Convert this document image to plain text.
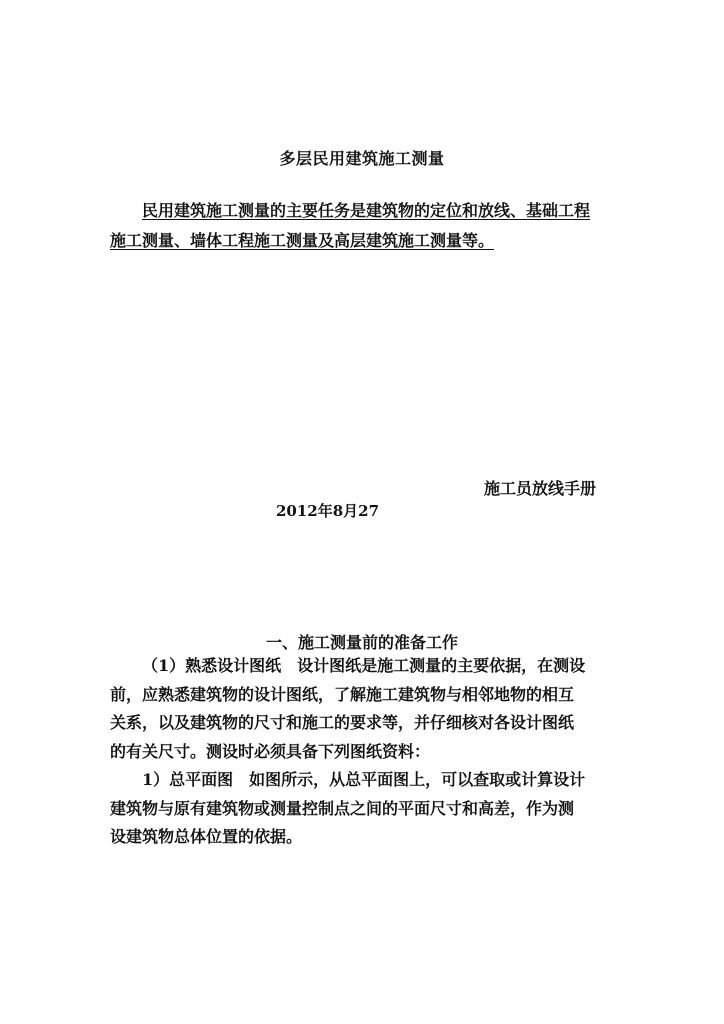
多层民用建筑施工测量
民用建筑施工测量的主要任务是建筑物的定位和放线、基础工程
施工测量、墙体工程施工测量及高层建筑施工测量等。
施工员放线手册
2012年8月27
一、施工测量前的准备工作
（1）熟悉设计图纸　设计图纸是施工测量的主要依据，在测设
前，应熟悉建筑物的设计图纸，了解施工建筑物与相邻地物的相互
关系，以及建筑物的尺寸和施工的要求等，并仔细核对各设计图纸
的有关尺寸。测设时必须具备下列图纸资料：
1）总平面图　如图所示，从总平面图上，可以查取或计算设计
建筑物与原有建筑物或测量控制点之间的平面尺寸和高差，作为测
设建筑物总体位置的依据。
